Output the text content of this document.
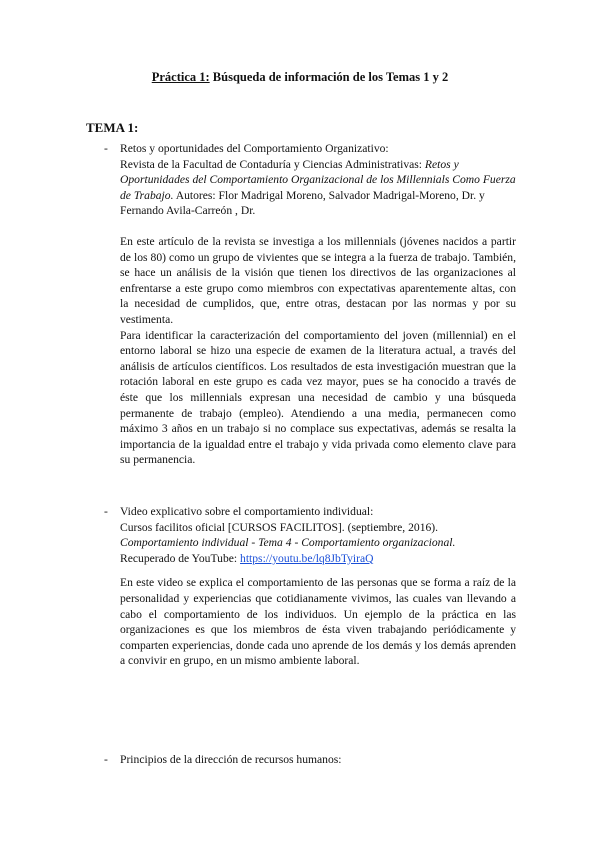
Práctica 1: Búsqueda de información de los Temas 1 y 2
TEMA 1:
- Retos y oportunidades del Comportamiento Organizativo:

Revista de la Facultad de Contaduría y Ciencias Administrativas: Retos y Oportunidades del Comportamiento Organizacional de los Millennials Como Fuerza de Trabajo. Autores: Flor Madrigal Moreno, Salvador Madrigal-Moreno, Dr. y Fernando Avila-Carreón , Dr.

En este artículo de la revista se investiga a los millennials (jóvenes nacidos a partir de los 80) como un grupo de vivientes que se integra a la fuerza de trabajo. También, se hace un análisis de la visión que tienen los directivos de las organizaciones al enfrentarse a este grupo como miembros con expectativas aparentemente altas, con la necesidad de cumplidos, que, entre otras, destacan por las normas y por su vestimenta.

Para identificar la caracterización del comportamiento del joven (millennial) en el entorno laboral se hizo una especie de examen de la literatura actual, a través del análisis de artículos científicos. Los resultados de esta investigación muestran que la rotación laboral en este grupo es cada vez mayor, pues se ha conocido a través de éste que los millennials expresan una necesidad de cambio y una búsqueda permanente de trabajo (empleo). Atendiendo a una media, permanecen como máximo 3 años en un trabajo si no complace sus expectativas, además se resalta la importancia de la igualdad entre el trabajo y vida privada como elemento clave para su permanencia.

- Video explicativo sobre el comportamiento individual:

Cursos facilitos oficial [CURSOS FACILITOS]. (septiembre, 2016).

Comportamiento individual - Tema 4 - Comportamiento organizacional.

Recuperado de YouTube: https://youtu.be/lq8JbTyiraQ

En este video se explica el comportamiento de las personas que se forma a raíz de la personalidad y experiencias que cotidianamente vivimos, las cuales van llevando a cabo el comportamiento de los individuos. Un ejemplo de la práctica en las organizaciones es que los miembros de ésta viven trabajando periódicamente y comparten experiencias, donde cada uno aprende de los demás y los demás aprenden a convivir en grupo, en un mismo ambiente laboral.

- Principios de la dirección de recursos humanos:
